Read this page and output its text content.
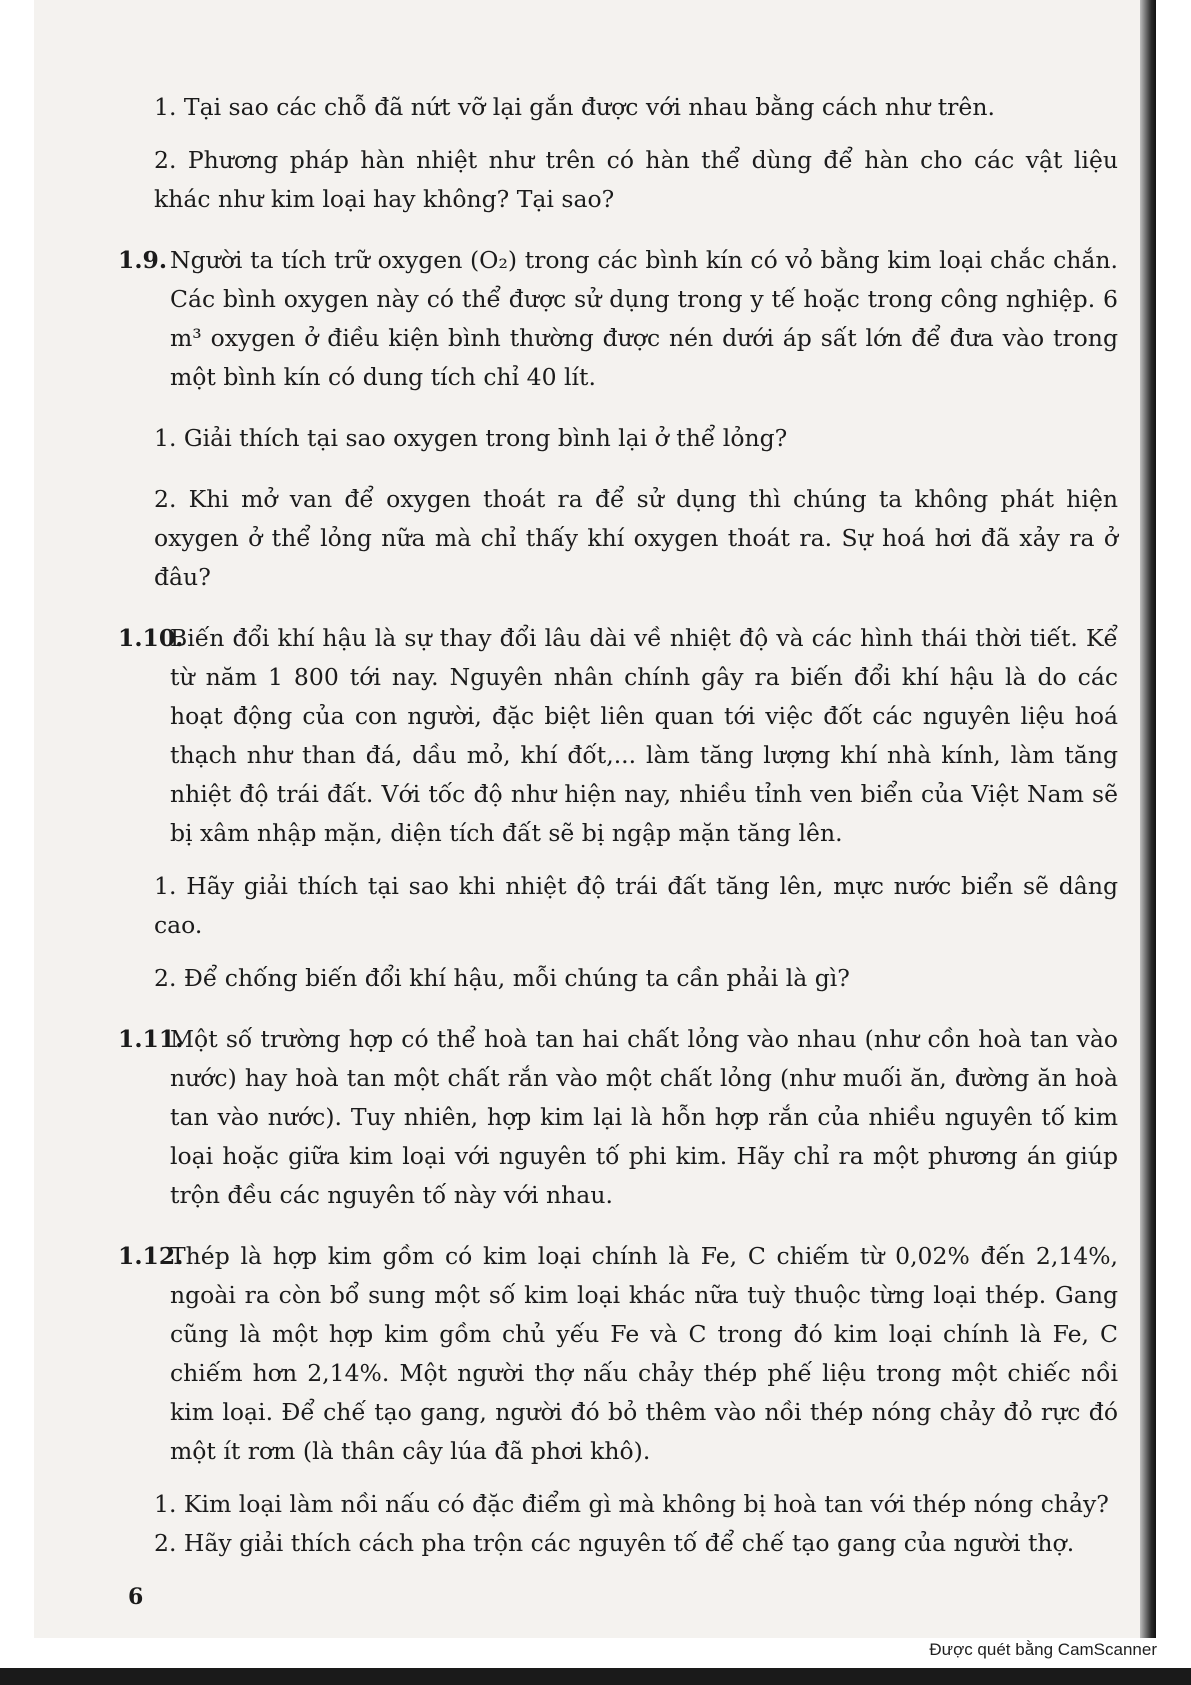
1. Tại sao các chỗ đã nứt vỡ lại gắn được với nhau bằng cách như trên.

2. Phương pháp hàn nhiệt như trên có hàn thể dùng để hàn cho các vật liệu khác như kim loại hay không? Tại sao?

1.9. Người ta tích trữ oxygen (O₂) trong các bình kín có vỏ bằng kim loại chắc chắn. Các bình oxygen này có thể được sử dụng trong y tế hoặc trong công nghiệp. 6 m³ oxygen ở điều kiện bình thường được nén dưới áp sất lớn để đưa vào trong một bình kín có dung tích chỉ 40 lít.

1. Giải thích tại sao oxygen trong bình lại ở thể lỏng?

2. Khi mở van để oxygen thoát ra để sử dụng thì chúng ta không phát hiện oxygen ở thể lỏng nữa mà chỉ thấy khí oxygen thoát ra. Sự hoá hơi đã xảy ra ở đâu?

1.10.

Biến đổi khí hậu là sự thay đổi lâu dài về nhiệt độ và các hình thái thời tiết. Kể từ năm 1 800 tới nay. Nguyên nhân chính gây ra biến đổi khí hậu là do các hoạt động của con người, đặc biệt liên quan tới việc đốt các nguyên liệu hoá thạch như than đá, dầu mỏ, khí đốt,... làm tăng lượng khí nhà kính, làm tăng nhiệt độ trái đất. Với tốc độ như hiện nay, nhiều tỉnh ven biển của Việt Nam sẽ bị xâm nhập mặn, diện tích đất sẽ bị ngập mặn tăng lên.

1. Hãy giải thích tại sao khi nhiệt độ trái đất tăng lên, mực nước biển sẽ dâng cao.

2. Để chống biến đổi khí hậu, mỗi chúng ta cần phải là gì?

1.11.

Một số trường hợp có thể hoà tan hai chất lỏng vào nhau (như cồn hoà tan vào nước) hay hoà tan một chất rắn vào một chất lỏng (như muối ăn, đường ăn hoà tan vào nước). Tuy nhiên, hợp kim lại là hỗn hợp rắn của nhiều nguyên tố kim loại hoặc giữa kim loại với nguyên tố phi kim. Hãy chỉ ra một phương án giúp trộn đều các nguyên tố này với nhau.

1.12.

Thép là hợp kim gồm có kim loại chính là Fe, C chiếm từ 0,02% đến 2,14%, ngoài ra còn bổ sung một số kim loại khác nữa tuỳ thuộc từng loại thép. Gang cũng là một hợp kim gồm chủ yếu Fe và C trong đó kim loại chính là Fe, C chiếm hơn 2,14%. Một người thợ nấu chảy thép phế liệu trong một chiếc nồi kim loại. Để chế tạo gang, người đó bỏ thêm vào nồi thép nóng chảy đỏ rực đó một ít rơm (là thân cây lúa đã phơi khô).

1. Kim loại làm nồi nấu có đặc điểm gì mà không bị hoà tan với thép nóng chảy?

2. Hãy giải thích cách pha trộn các nguyên tố để chế tạo gang của người thợ.

6
Được quét bằng CamScanner
